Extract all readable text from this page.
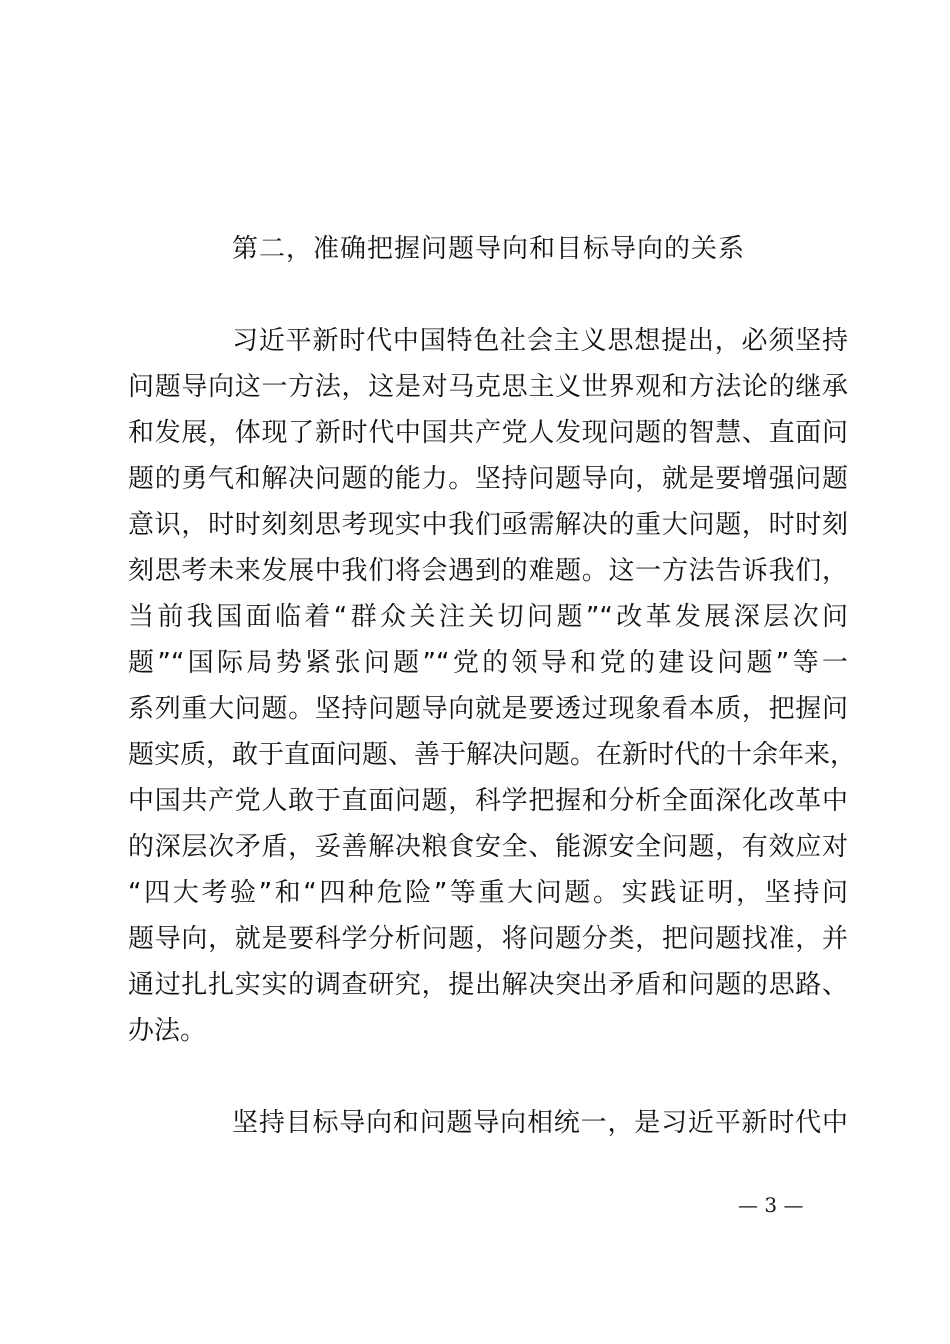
第二，准确把握问题导向和目标导向的关系
习近平新时代中国特色社会主义思想提出，必须坚持
问题导向这一方法，这是对马克思主义世界观和方法论的继承
和发展，体现了新时代中国共产党人发现问题的智慧、直面问
题的勇气和解决问题的能力。坚持问题导向，就是要增强问题
意识，时时刻刻思考现实中我们亟需解决的重大问题，时时刻
刻思考未来发展中我们将会遇到的难题。这一方法告诉我们，
当前我国面临着“群众关注关切问题”“改革发展深层次问
题”“国际局势紧张问题”“党的领导和党的建设问题”等一
系列重大问题。坚持问题导向就是要透过现象看本质，把握问
题实质，敢于直面问题、善于解决问题。在新时代的十余年来，
中国共产党人敢于直面问题，科学把握和分析全面深化改革中
的深层次矛盾，妥善解决粮食安全、能源安全问题，有效应对
“四大考验”和“四种危险”等重大问题。实践证明，坚持问
题导向，就是要科学分析问题，将问题分类，把问题找准，并
通过扎扎实实的调查研究，提出解决突出矛盾和问题的思路、
办法。
坚持目标导向和问题导向相统一，是习近平新时代中
— 3 —
